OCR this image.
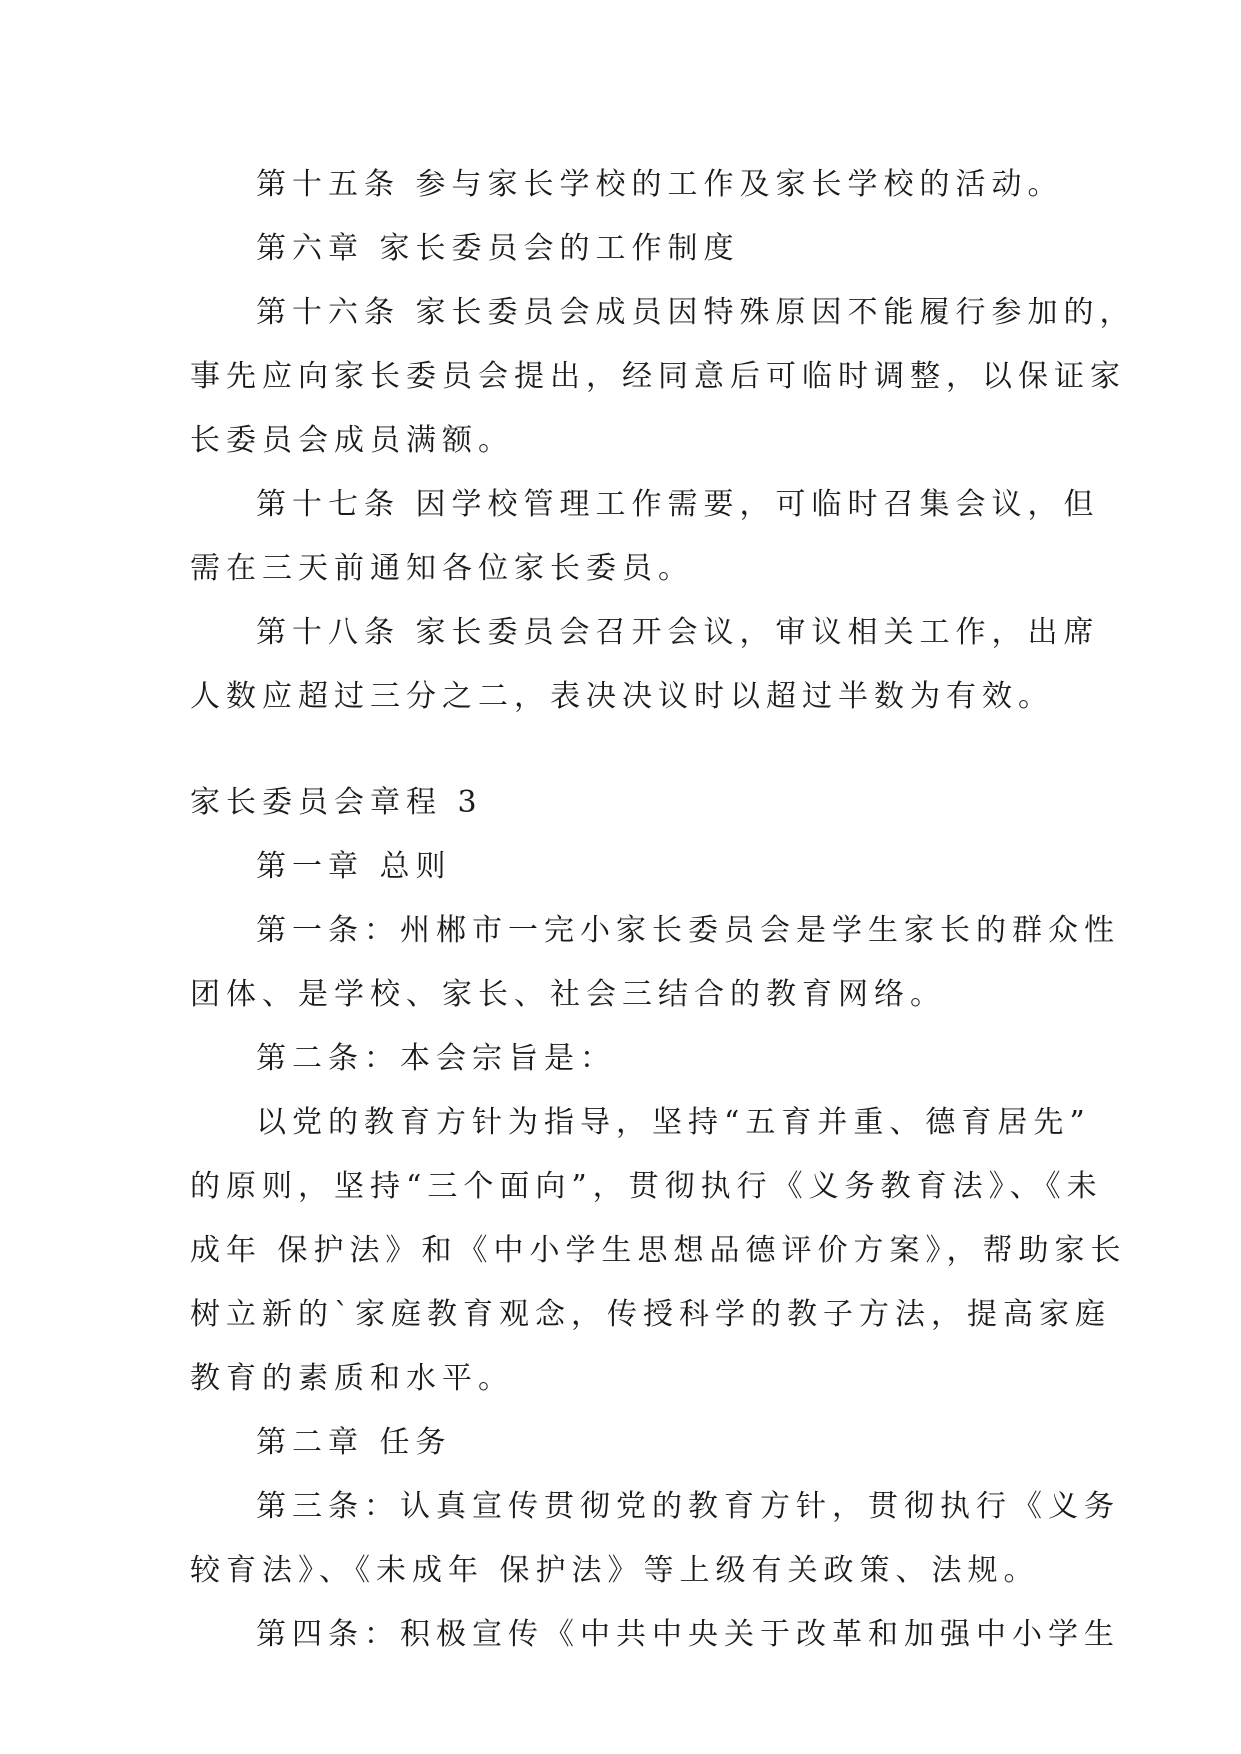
第十五条 参与家长学校的工作及家长学校的活动。

第六章 家长委员会的工作制度

第十六条 家长委员会成员因特殊原因不能履行参加的，

事先应向家长委员会提出，经同意后可临时调整，以保证家

长委员会成员满额。

第十七条 因学校管理工作需要，可临时召集会议，但

需在三天前通知各位家长委员。

第十八条 家长委员会召开会议，审议相关工作，出席

人数应超过三分之二，表决决议时以超过半数为有效。

家长委员会章程 3

第一章 总则

第一条：州郴市一完小家长委员会是学生家长的群众性

团体、是学校、家长、社会三结合的教育网络。

第二条：本会宗旨是：

以党的教育方针为指导，坚持“五育并重、德育居先”

的原则，坚持“三个面向”，贯彻执行《义务教育法》、《未

成年 保护法》和《中小学生思想品德评价方案》，帮助家长

树立新的`家庭教育观念，传授科学的教子方法，提高家庭

教育的素质和水平。

第二章 任务

第三条：认真宣传贯彻党的教育方针，贯彻执行《义务

较育法》、《未成年 保护法》等上级有关政策、法规。

第四条：积极宣传《中共中央关于改革和加强中小学生
